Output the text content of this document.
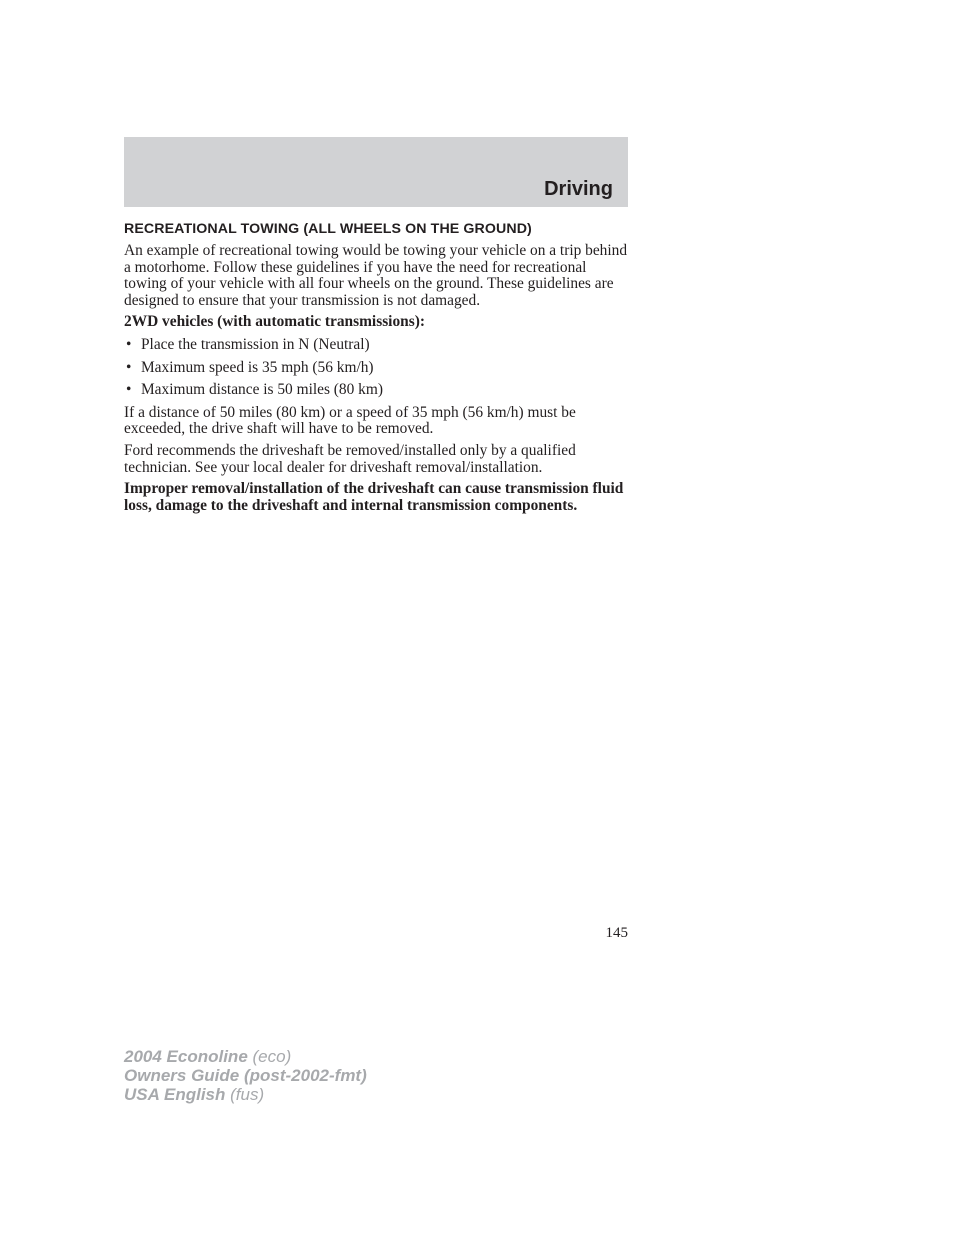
Driving
RECREATIONAL TOWING (ALL WHEELS ON THE GROUND)

An example of recreational towing would be towing your vehicle on a trip behind a motorhome. Follow these guidelines if you have the need for recreational towing of your vehicle with all four wheels on the ground. These guidelines are designed to ensure that your transmission is not damaged.

2WD vehicles (with automatic transmissions):

• Place the transmission in N (Neutral)
• Maximum speed is 35 mph (56 km/h)
• Maximum distance is 50 miles (80 km)

If a distance of 50 miles (80 km) or a speed of 35 mph (56 km/h) must be exceeded, the drive shaft will have to be removed.

Ford recommends the driveshaft be removed/installed only by a qualified technician. See your local dealer for driveshaft removal/installation.

Improper removal/installation of the driveshaft can cause transmission fluid loss, damage to the driveshaft and internal transmission components.

145
2004 Econoline (eco)
Owners Guide (post-2002-fmt)
USA English (fus)
